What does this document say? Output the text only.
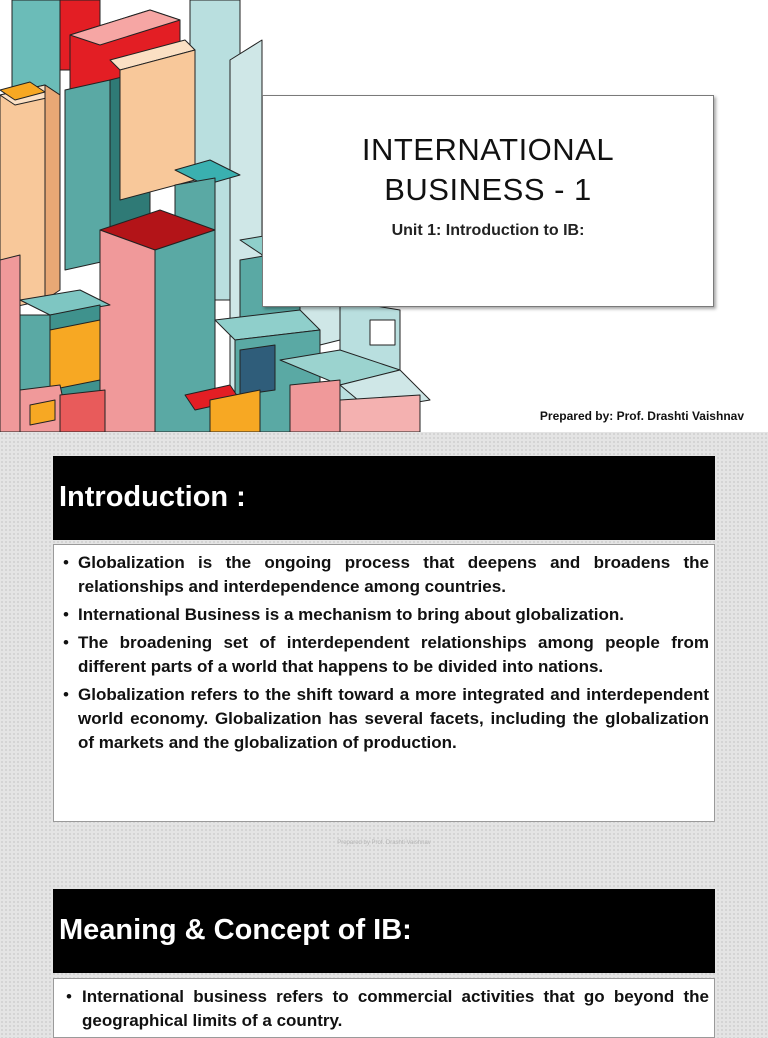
INTERNATIONAL
BUSINESS - 1
Unit 1: Introduction to IB:
Prepared by: Prof. Drashti Vaishnav
Introduction :
• Globalization is the ongoing process that deepens and broadens the relationships and interdependence among countries.
• International Business is a mechanism to bring about globalization.
• The broadening set of interdependent relationships among people from different parts of a world that happens to be divided into nations.
• Globalization refers to the shift toward a more integrated and interdependent world economy. Globalization has several facets, including the globalization of markets and the globalization of production.
Prepared by Prof. Drashti Vaishnav
Meaning & Concept of IB:
• International business refers to commercial activities that go beyond the geographical limits of a country.
